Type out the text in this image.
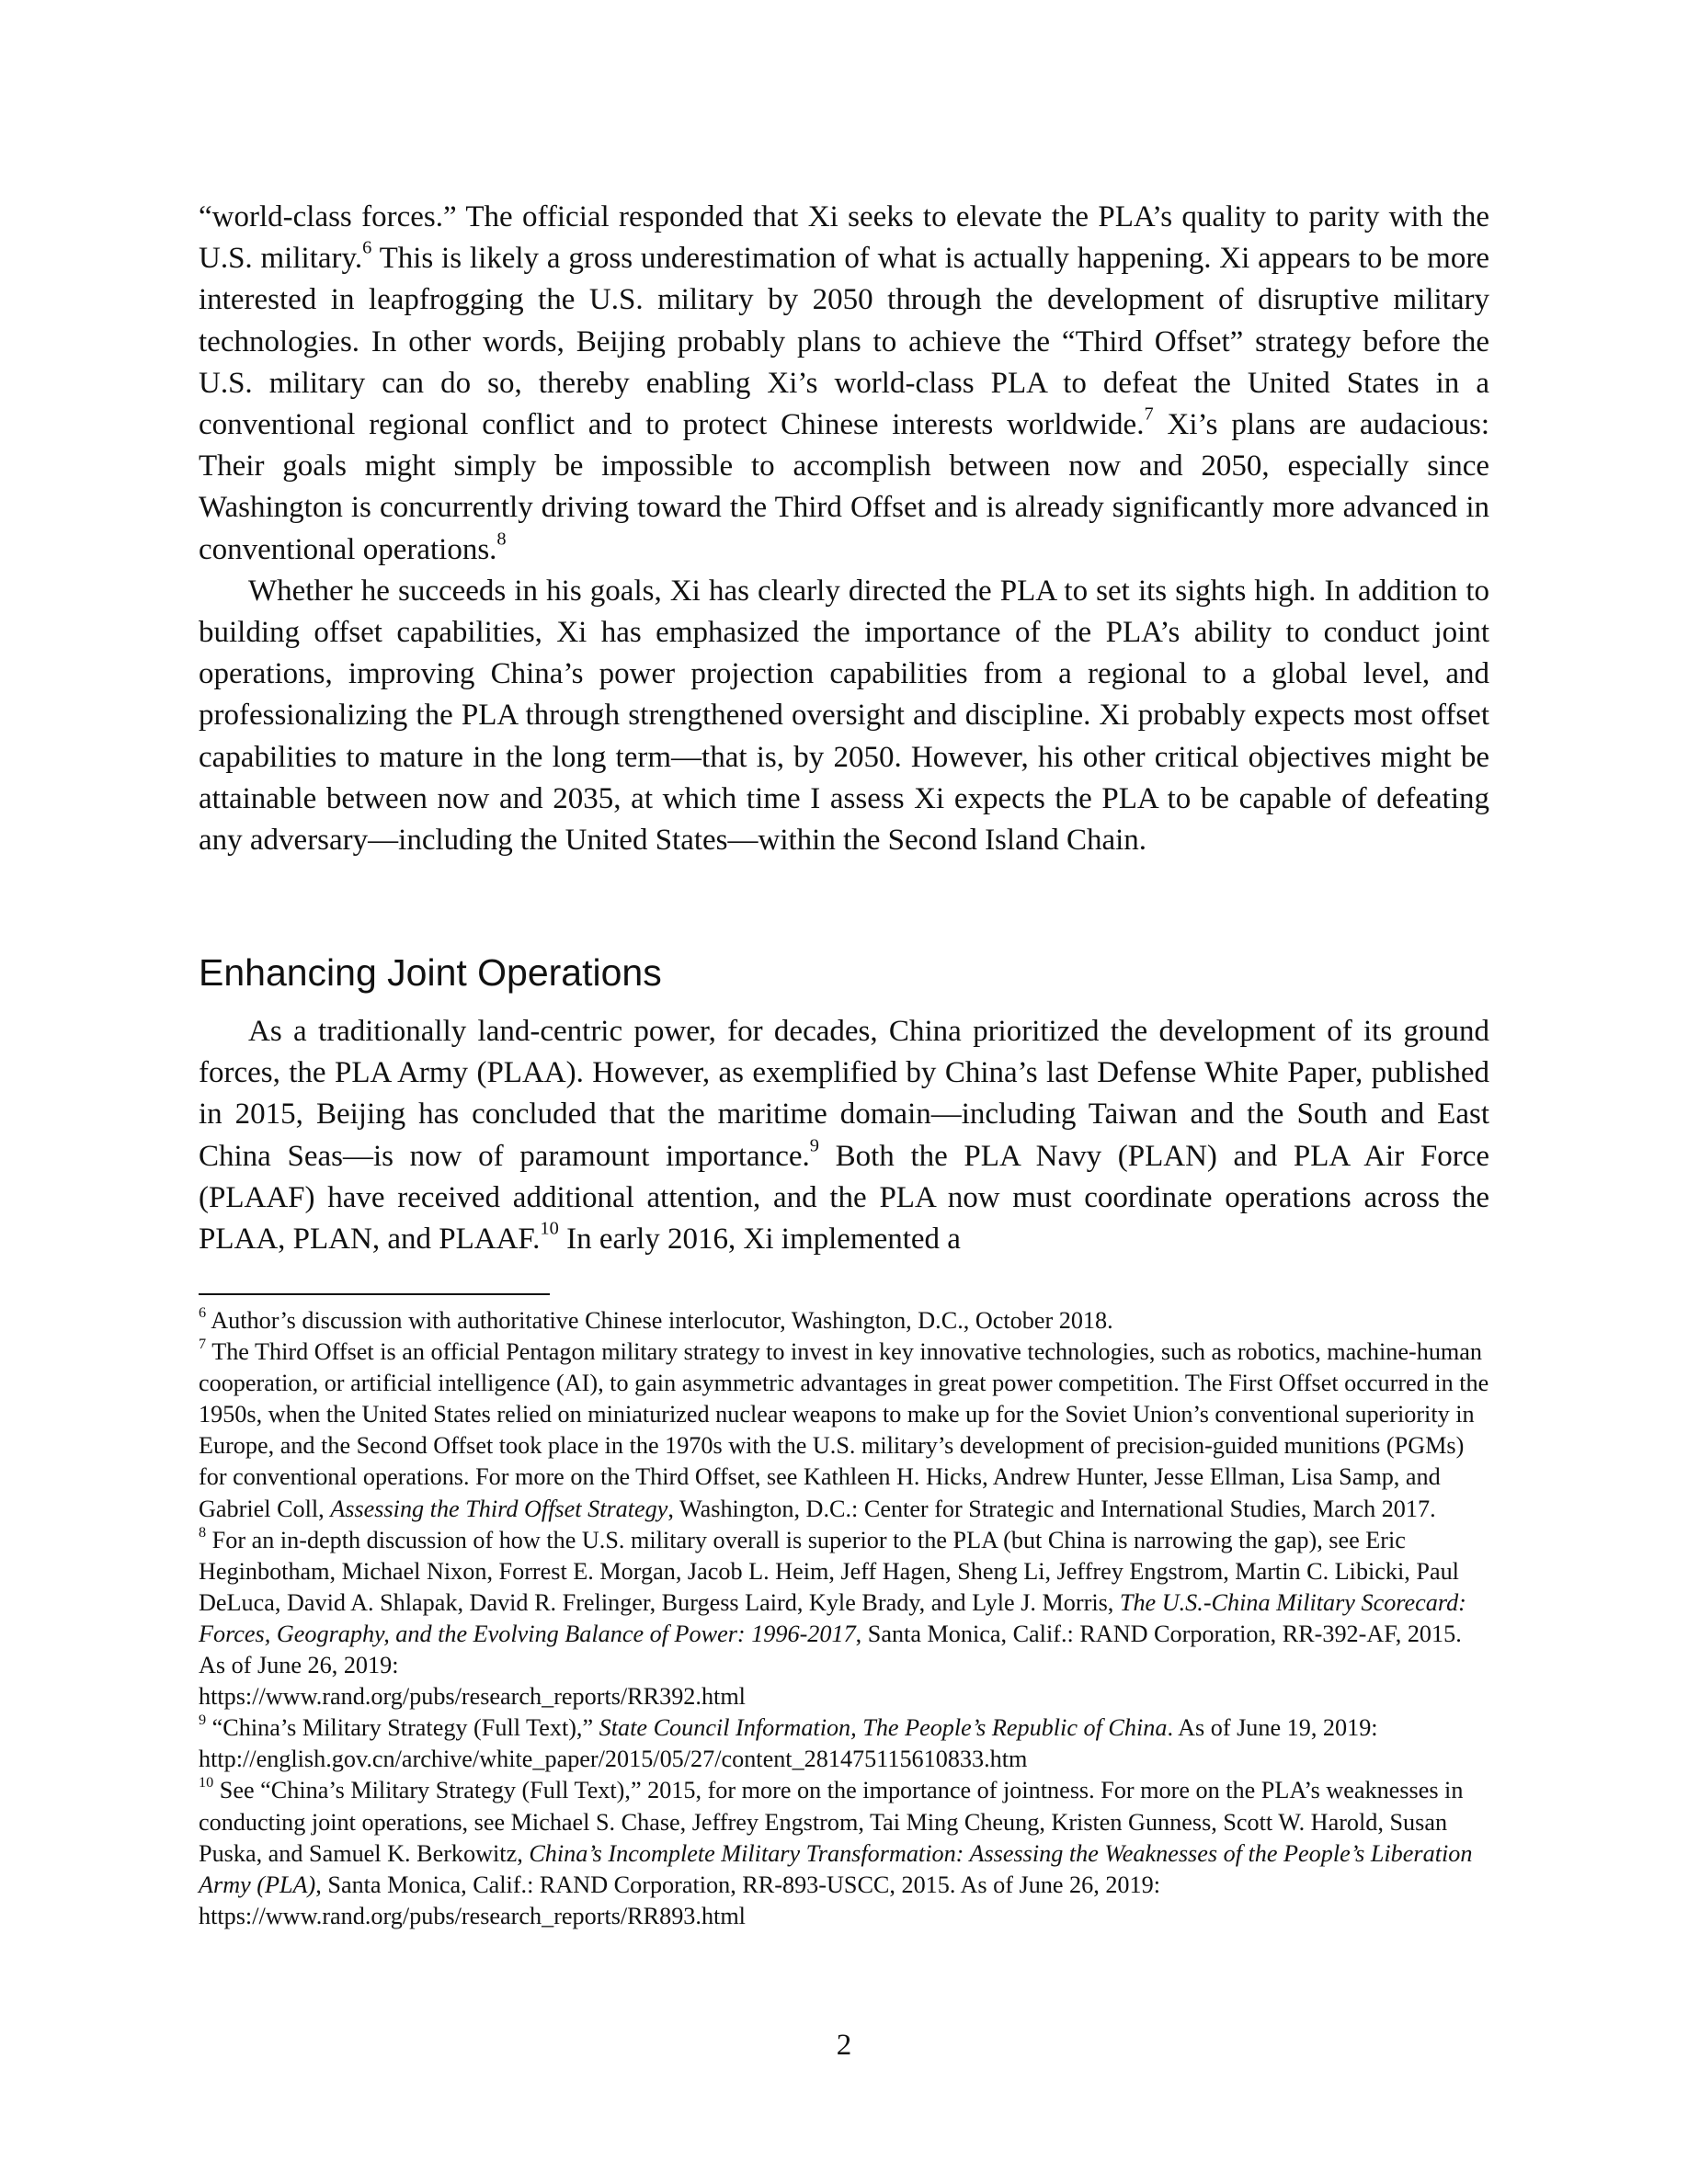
“world-class forces.” The official responded that Xi seeks to elevate the PLA’s quality to parity with the U.S. military.$^6$ This is likely a gross underestimation of what is actually happening. Xi appears to be more interested in leapfrogging the U.S. military by 2050 through the development of disruptive military technologies. In other words, Beijing probably plans to achieve the “Third Offset” strategy before the U.S. military can do so, thereby enabling Xi’s world-class PLA to defeat the United States in a conventional regional conflict and to protect Chinese interests worldwide.$^7$ Xi’s plans are audacious: Their goals might simply be impossible to accomplish between now and 2050, especially since Washington is concurrently driving toward the Third Offset and is already significantly more advanced in conventional operations.$^8$

Whether he succeeds in his goals, Xi has clearly directed the PLA to set its sights high. In addition to building offset capabilities, Xi has emphasized the importance of the PLA’s ability to conduct joint operations, improving China’s power projection capabilities from a regional to a global level, and professionalizing the PLA through strengthened oversight and discipline. Xi probably expects most offset capabilities to mature in the long term—that is, by 2050. However, his other critical objectives might be attainable between now and 2035, at which time I assess Xi expects the PLA to be capable of defeating any adversary—including the United States—within the Second Island Chain.

Enhancing Joint Operations

As a traditionally land-centric power, for decades, China prioritized the development of its ground forces, the PLA Army (PLAA). However, as exemplified by China’s last Defense White Paper, published in 2015, Beijing has concluded that the maritime domain—including Taiwan and the South and East China Seas—is now of paramount importance.$^9$ Both the PLA Navy (PLAN) and PLA Air Force (PLAAF) have received additional attention, and the PLA now must coordinate operations across the PLAA, PLAN, and PLAAF.$^{10}$ In early 2016, Xi implemented a

$^6$ Author’s discussion with authoritative Chinese interlocutor, Washington, D.C., October 2018.

$^7$ The Third Offset is an official Pentagon military strategy to invest in key innovative technologies, such as robotics, machine-human cooperation, or artificial intelligence (AI), to gain asymmetric advantages in great power competition. The First Offset occurred in the 1950s, when the United States relied on miniaturized nuclear weapons to make up for the Soviet Union’s conventional superiority in Europe, and the Second Offset took place in the 1970s with the U.S. military’s development of precision-guided munitions (PGMs) for conventional operations. For more on the Third Offset, see Kathleen H. Hicks, Andrew Hunter, Jesse Ellman, Lisa Samp, and Gabriel Coll, Assessing the Third Offset Strategy, Washington, D.C.: Center for Strategic and International Studies, March 2017.

$^8$ For an in-depth discussion of how the U.S. military overall is superior to the PLA (but China is narrowing the gap), see Eric Heginbotham, Michael Nixon, Forrest E. Morgan, Jacob L. Heim, Jeff Hagen, Sheng Li, Jeffrey Engstrom, Martin C. Libicki, Paul DeLuca, David A. Shlapak, David R. Frelinger, Burgess Laird, Kyle Brady, and Lyle J. Morris, The U.S.-China Military Scorecard: Forces, Geography, and the Evolving Balance of Power: 1996-2017, Santa Monica, Calif.: RAND Corporation, RR-392-AF, 2015. As of June 26, 2019:
https://www.rand.org/pubs/research_reports/RR392.html

$^9$ “China’s Military Strategy (Full Text),” State Council Information, The People’s Republic of China. As of June 19, 2019: http://english.gov.cn/archive/white_paper/2015/05/27/content_281475115610833.htm

$^{10}$ See “China’s Military Strategy (Full Text),” 2015, for more on the importance of jointness. For more on the PLA’s weaknesses in conducting joint operations, see Michael S. Chase, Jeffrey Engstrom, Tai Ming Cheung, Kristen Gunness, Scott W. Harold, Susan Puska, and Samuel K. Berkowitz, China’s Incomplete Military Transformation: Assessing the Weaknesses of the People’s Liberation Army (PLA), Santa Monica, Calif.: RAND Corporation, RR-893-USCC, 2015. As of June 26, 2019: https://www.rand.org/pubs/research_reports/RR893.html

2
